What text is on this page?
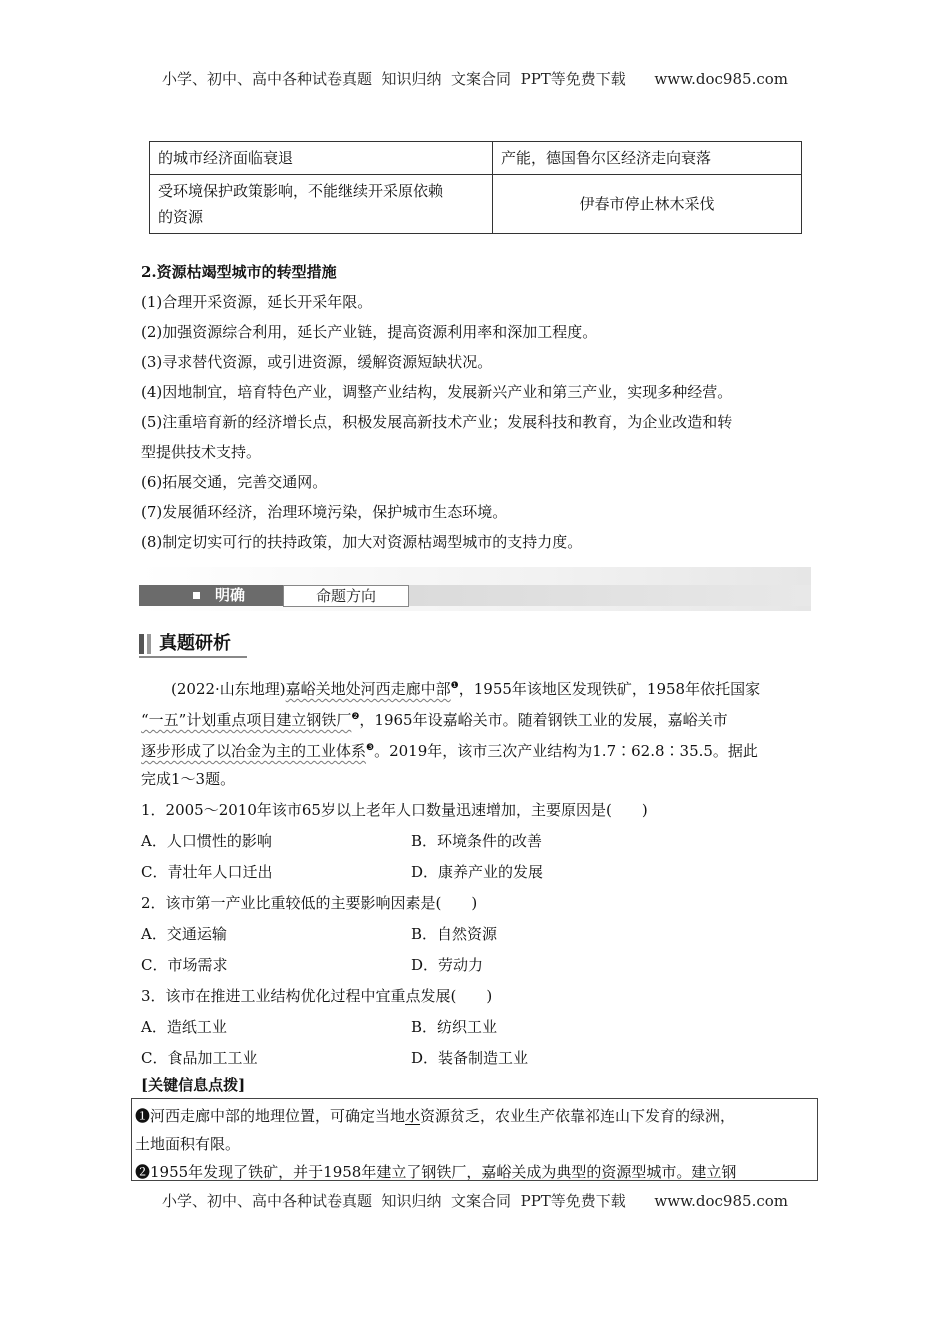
小学、初中、高中各种试卷真题  知识归纳  文案合同  PPT等免费下载      www.doc985.com
的城市经济面临衰退	产能，德国鲁尔区经济走向衰落

受环境保护政策影响，不能继续开采原依赖
的资源	伊春市停止林木采伐
2.资源枯竭型城市的转型措施
(1)合理开采资源，延长开采年限。
(2)加强资源综合利用，延长产业链，提高资源利用率和深加工程度。
(3)寻求替代资源，或引进资源，缓解资源短缺状况。
(4)因地制宜，培育特色产业，调整产业结构，发展新兴产业和第三产业，实现多种经营。
(5)注重培育新的经济增长点，积极发展高新技术产业；发展科技和教育，为企业改造和转
型提供技术支持。
(6)拓展交通，完善交通网。
(7)发展循环经济，治理环境污染，保护城市生态环境。
(8)制定切实可行的扶持政策，加大对资源枯竭型城市的支持力度。
明确	命题方向
真题研析
(2022·山东地理)嘉峪关地处河西走廊中部$^❶$，1955年该地区发现铁矿，1958年依托国家
“一五”计划重点项目建立钢铁厂$^❷$，1965年设嘉峪关市。随着钢铁工业的发展，嘉峪关市
逐步形成了以冶金为主的工业体系$^❸$。2019年，该市三次产业结构为1.7∶62.8∶35.5。据此
完成1～3题。
1．2005～2010年该市65岁以上老年人口数量迅速增加，主要原因是(　　)
A．人口惯性的影响	B．环境条件的改善
C．青壮年人口迁出	D．康养产业的发展
2．该市第一产业比重较低的主要影响因素是(　　)
A．交通运输	B．自然资源
C．市场需求	D．劳动力
3．该市在推进工业结构优化过程中宜重点发展(　　)
A．造纸工业	B．纺织工业
C．食品加工工业	D．装备制造工业
[关键信息点拨]
❶河西走廊中部的地理位置，可确定当地水资源贫乏，农业生产依靠祁连山下发育的绿洲，
土地面积有限。
❷1955年发现了铁矿，并于1958年建立了钢铁厂，嘉峪关成为典型的资源型城市。建立钢
小学、初中、高中各种试卷真题  知识归纳  文案合同  PPT等免费下载      www.doc985.com
